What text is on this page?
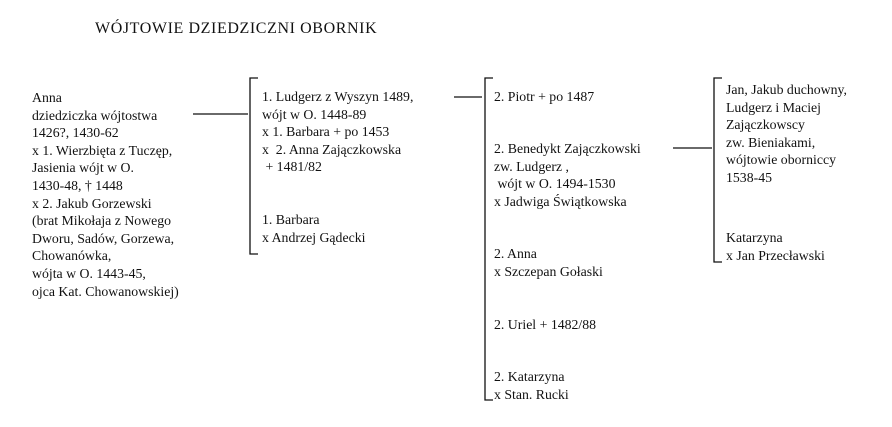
WÓJTOWIE DZIEDZICZNI OBORNIK
Anna
dziedziczka wójtostwa
1426?, 1430-62
x 1. Wierzbięta z Tuczęp,
Jasienia wójt w O.
1430-48, † 1448
x 2. Jakub Gorzewski
(brat Mikołaja z Nowego
Dworu, Sadów, Gorzewa,
Chowanówka,
wójta w O. 1443-45,
ojca Kat. Chowanowskiej)
1. Ludgerz z Wyszyn 1489,
wójt w O. 1448-89
x 1. Barbara + po 1453
x  2. Anna Zajączkowska
+ 1481/82
1. Barbara
x Andrzej Gądecki
2. Piotr + po 1487
2. Benedykt Zajączkowski
zw. Ludgerz ,
wójt w O. 1494-1530
x Jadwiga Świątkowska
2. Anna
x Szczepan Gołaski
2. Uriel + 1482/88
2. Katarzyna
x Stan. Rucki
Jan, Jakub duchowny,
Ludgerz i Maciej
Zajączkowscy
zw. Bieniakami,
wójtowie oborniccy
1538-45
Katarzyna
x Jan Przecławski
